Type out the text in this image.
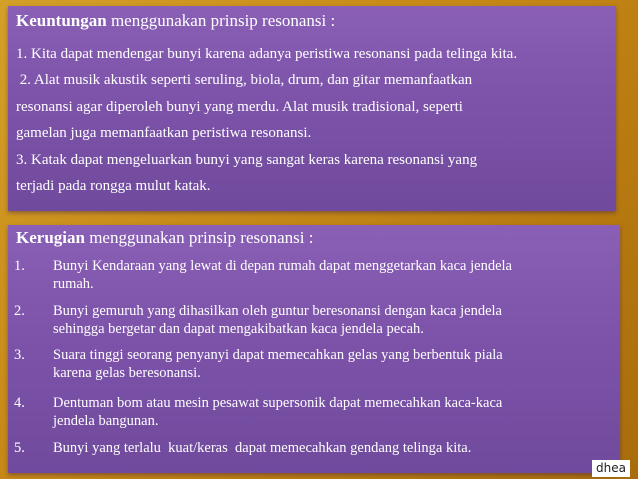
Keuntungan menggunakan prinsip resonansi :
1. Kita dapat mendengar bunyi karena adanya peristiwa resonansi pada telinga kita.
2. Alat musik akustik seperti seruling, biola, drum, dan gitar memanfaatkan
resonansi agar diperoleh bunyi yang merdu. Alat musik tradisional, seperti
gamelan juga memanfaatkan peristiwa resonansi.
3. Katak dapat mengeluarkan bunyi yang sangat keras karena resonansi yang
terjadi pada rongga mulut katak.
Kerugian menggunakan prinsip resonansi :
1. Bunyi Kendaraan yang lewat di depan rumah dapat menggetarkan kaca jendela
rumah.
2. Bunyi gemuruh yang dihasilkan oleh guntur beresonansi dengan kaca jendela
sehingga bergetar dan dapat mengakibatkan kaca jendela pecah.
3. Suara tinggi seorang penyanyi dapat memecahkan gelas yang berbentuk piala
karena gelas beresonansi.
4. Dentuman bom atau mesin pesawat supersonik dapat memecahkan kaca-kaca
jendela bangunan.
5. Bunyi yang terlalu  kuat/keras  dapat memecahkan gendang telinga kita.
dhea
